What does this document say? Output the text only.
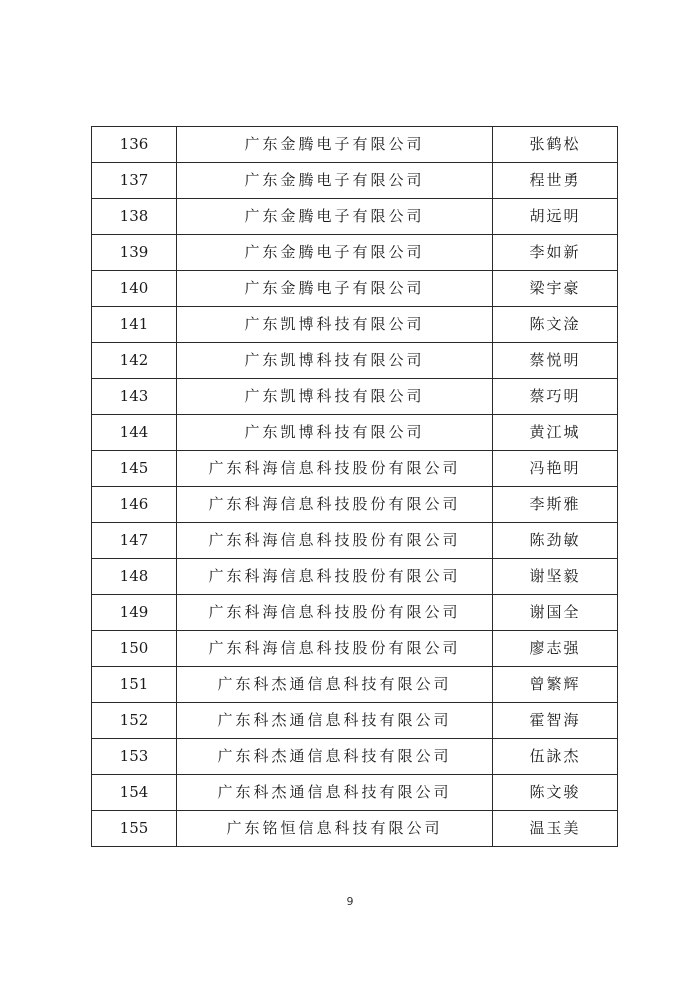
136	广东金腾电子有限公司	张鹤松
137	广东金腾电子有限公司	程世勇
138	广东金腾电子有限公司	胡远明
139	广东金腾电子有限公司	李如新
140	广东金腾电子有限公司	梁宇豪
141	广东凯博科技有限公司	陈文淦
142	广东凯博科技有限公司	蔡悦明
143	广东凯博科技有限公司	蔡巧明
144	广东凯博科技有限公司	黄江城
145	广东科海信息科技股份有限公司	冯艳明
146	广东科海信息科技股份有限公司	李斯雅
147	广东科海信息科技股份有限公司	陈劲敏
148	广东科海信息科技股份有限公司	谢坚毅
149	广东科海信息科技股份有限公司	谢国全
150	广东科海信息科技股份有限公司	廖志强
151	广东科杰通信息科技有限公司	曾繁辉
152	广东科杰通信息科技有限公司	霍智海
153	广东科杰通信息科技有限公司	伍詠杰
154	广东科杰通信息科技有限公司	陈文骏
155	广东铭恒信息科技有限公司	温玉美
9
